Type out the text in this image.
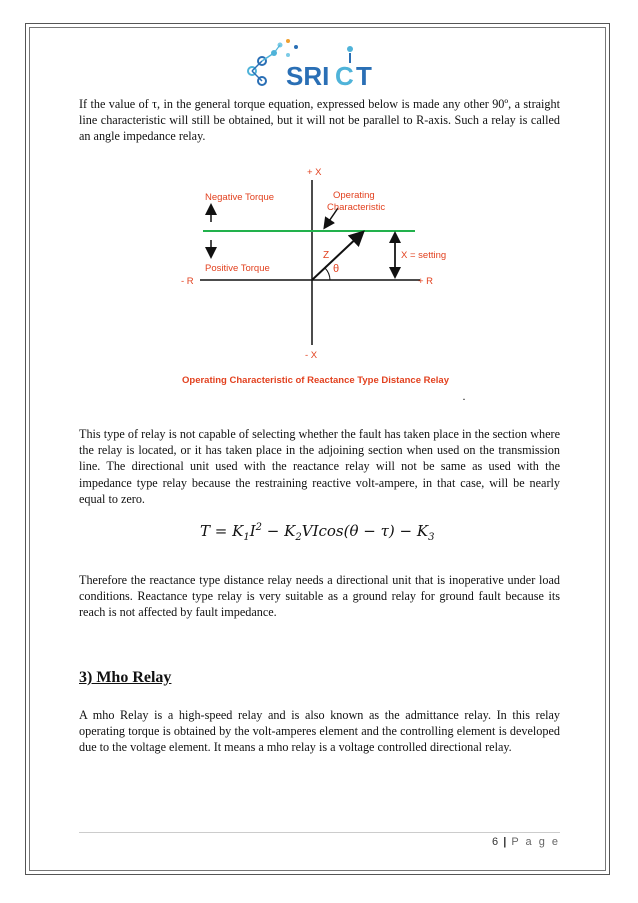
SRI C T

If the value of τ, in the general torque equation, expressed below is made any other 90º, a straight line characteristic will still be obtained, but it will not be parallel to R-axis. Such a relay is called an angle impedance relay.

+ X
- X
- R	+ R
Negative Torque
Positive Torque
Operating
Characteristic
Z
θ
X = setting
Operating Characteristic of Reactance Type Distance Relay
·

This type of relay is not capable of selecting whether the fault has taken place in the section where the relay is located, or it has taken place in the adjoining section when used on the transmission line. The directional unit used with the reactance relay will not be same as used with the impedance type relay because the restraining reactive volt-ampere, in that case, will be nearly equal to zero.

$T = K_1I^2 - K_2VIcos(\theta - \tau) - K_3$

Therefore the reactance type distance relay needs a directional unit that is inoperative under load conditions. Reactance type relay is very suitable as a ground relay for ground fault because its reach is not affected by fault impedance.

3) Mho Relay

A mho Relay is a high-speed relay and is also known as the admittance relay. In this relay operating torque is obtained by the volt-amperes element and the controlling element is developed due to the voltage element. It means a mho relay is a voltage controlled directional relay.

6 | P a g e
